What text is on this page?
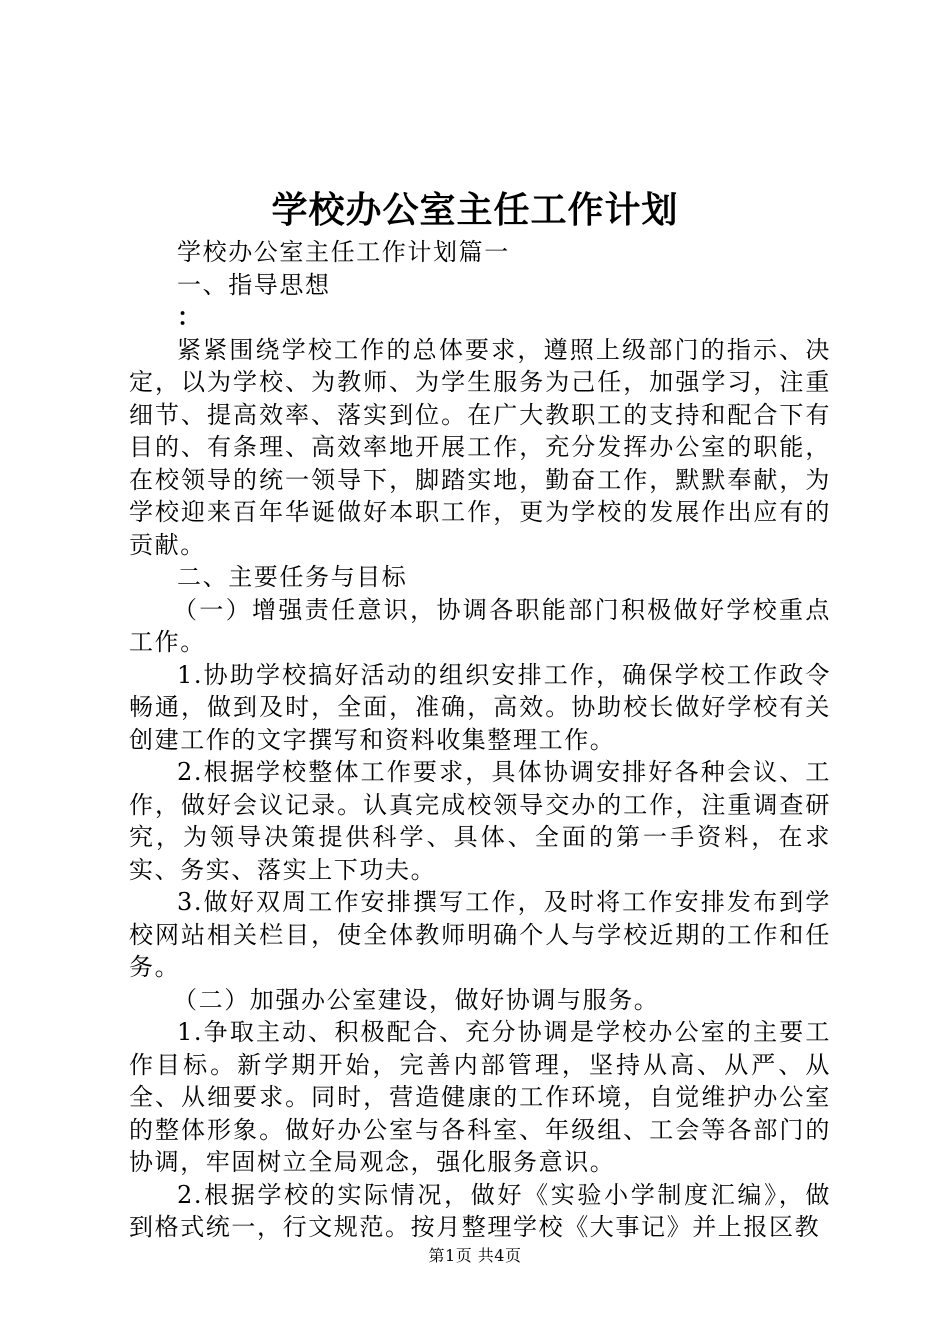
学校办公室主任工作计划

学校办公室主任工作计划篇一

一、指导思想

：

紧紧围绕学校工作的总体要求，遵照上级部门的指示、决定，以为学校、为教师、为学生服务为己任，加强学习，注重细节、提高效率、落实到位。在广大教职工的支持和配合下有目的、有条理、高效率地开展工作，充分发挥办公室的职能，在校领导的统一领导下，脚踏实地，勤奋工作，默默奉献，为学校迎来百年华诞做好本职工作，更为学校的发展作出应有的贡献。

二、主要任务与目标

（一）增强责任意识，协调各职能部门积极做好学校重点工作。

1.协助学校搞好活动的组织安排工作，确保学校工作政令畅通，做到及时，全面，准确，高效。协助校长做好学校有关创建工作的文字撰写和资料收集整理工作。

2.根据学校整体工作要求，具体协调安排好各种会议、工作，做好会议记录。认真完成校领导交办的工作，注重调查研究，为领导决策提供科学、具体、全面的第一手资料，在求实、务实、落实上下功夫。

3.做好双周工作安排撰写工作，及时将工作安排发布到学校网站相关栏目，使全体教师明确个人与学校近期的工作和任务。

（二）加强办公室建设，做好协调与服务。

1.争取主动、积极配合、充分协调是学校办公室的主要工作目标。新学期开始，完善内部管理，坚持从高、从严、从全、从细要求。同时，营造健康的工作环境，自觉维护办公室的整体形象。做好办公室与各科室、年级组、工会等各部门的协调，牢固树立全局观念，强化服务意识。

2.根据学校的实际情况，做好《实验小学制度汇编》，做到格式统一，行文规范。按月整理学校《大事记》并上报区教

第1页 共4页
